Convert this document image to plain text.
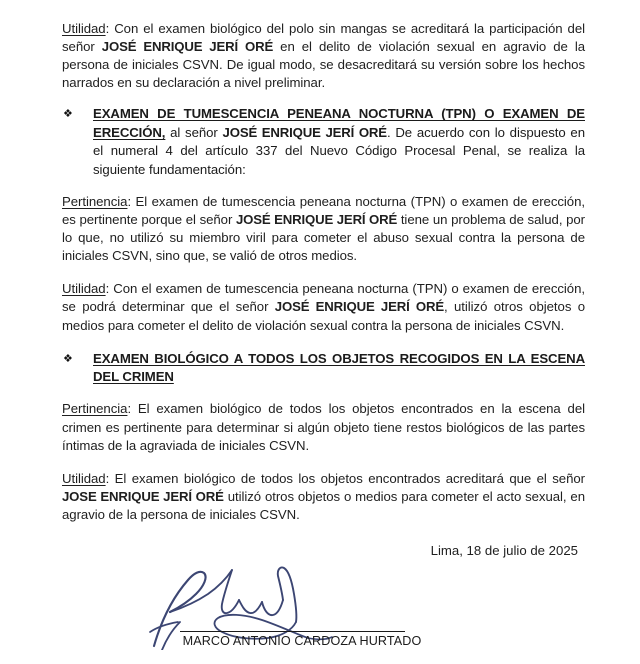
Utilidad: Con el examen biológico del polo sin mangas se acreditará la participación del señor JOSÉ ENRIQUE JERÍ ORÉ en el delito de violación sexual en agravio de la persona de iniciales CSVN. De igual modo, se desacreditará su versión sobre los hechos narrados en su declaración a nivel preliminar.

❖	EXAMEN DE TUMESCENCIA PENEANA NOCTURNA (TPN) O EXAMEN DE ERECCIÓN, al señor JOSÉ ENRIQUE JERÍ ORÉ. De acuerdo con lo dispuesto en el numeral 4 del artículo 337 del Nuevo Código Procesal Penal, se realiza la siguiente fundamentación:

Pertinencia: El examen de tumescencia peneana nocturna (TPN) o examen de erección, es pertinente porque el señor JOSÉ ENRIQUE JERÍ ORÉ tiene un problema de salud, por lo que, no utilizó su miembro viril para cometer el abuso sexual contra la persona de iniciales CSVN, sino que, se valió de otros medios.

Utilidad: Con el examen de tumescencia peneana nocturna (TPN) o examen de erección, se podrá determinar que el señor JOSÉ ENRIQUE JERÍ ORÉ, utilizó otros objetos o medios para cometer el delito de violación sexual contra la persona de iniciales CSVN.

❖	EXAMEN BIOLÓGICO A TODOS LOS OBJETOS RECOGIDOS EN LA ESCENA DEL CRIMEN

Pertinencia: El examen biológico de todos los objetos encontrados en la escena del crimen es pertinente para determinar si algún objeto tiene restos biológicos de las partes íntimas de la agraviada de iniciales CSVN.

Utilidad: El examen biológico de todos los objetos encontrados acreditará que el señor JOSE ENRIQUE JERÍ ORÉ utilizó otros objetos o medios para cometer el acto sexual, en agravio de la persona de iniciales CSVN.

Lima, 18 de julio de 2025
MARCO ANTONIO CARDOZA HURTADO
